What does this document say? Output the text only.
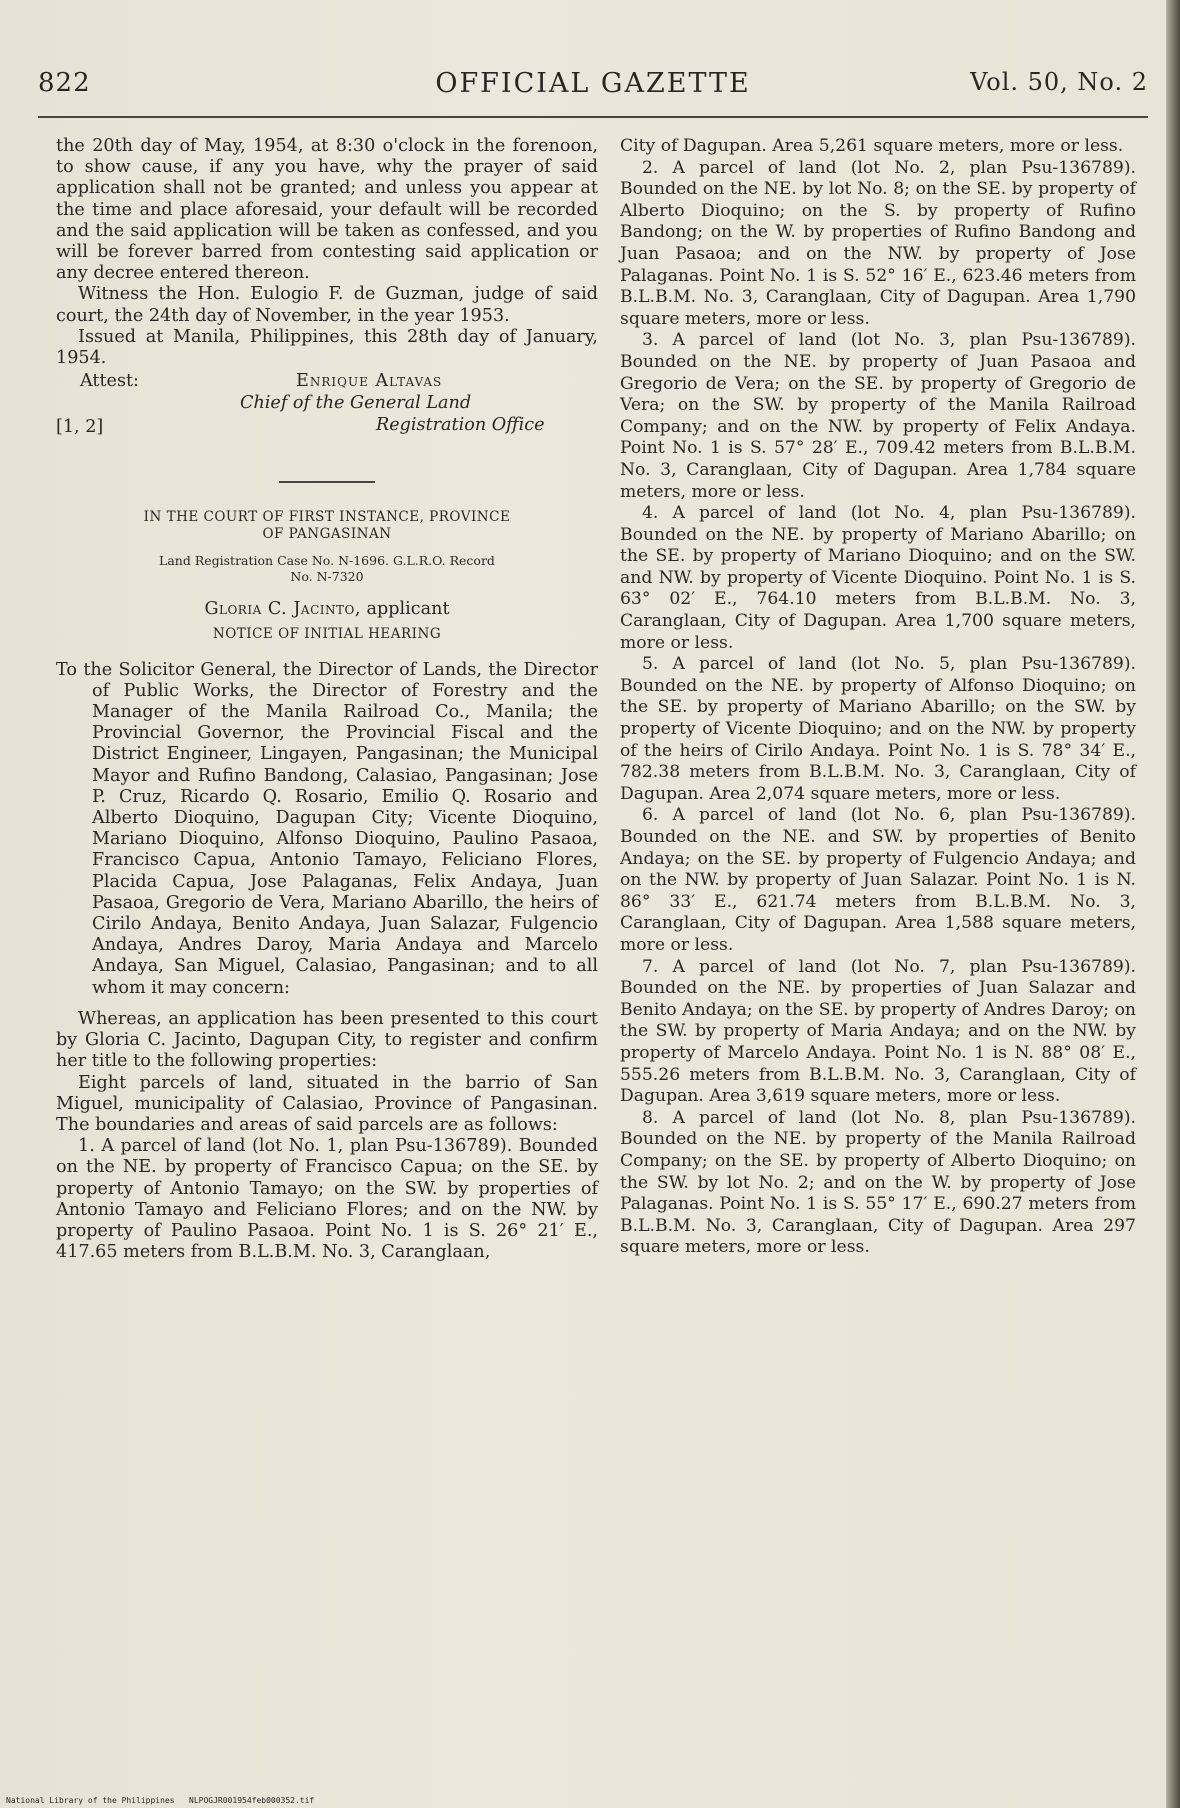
822	OFFICIAL GAZETTE	Vol. 50, No. 2

the 20th day of May, 1954, at 8:30 o'clock in the forenoon, to show cause, if any you have, why the prayer of said application shall not be granted; and unless you appear at the time and place aforesaid, your default will be recorded and the said application will be taken as confessed, and you will be forever barred from contesting said application or any decree entered thereon.

Witness the Hon. Eulogio F. de Guzman, judge of said court, the 24th day of November, in the year 1953.

Issued at Manila, Philippines, this 28th day of January, 1954.

Attest:	Enrique Altavas
Chief of the General Land
[1, 2]	Registration Office

IN THE COURT OF FIRST INSTANCE, PROVINCE

OF PANGASINAN

Land Registration Case No. N-1696. G.L.R.O. Record

No. N-7320

Gloria C. Jacinto, applicant

NOTICE OF INITIAL HEARING

To the Solicitor General, the Director of Lands, the Director of Public Works, the Director of Forestry and the Manager of the Manila Railroad Co., Manila; the Provincial Governor, the Provincial Fiscal and the District Engineer, Lingayen, Pangasinan; the Municipal Mayor and Rufino Bandong, Calasiao, Pangasinan; Jose P. Cruz, Ricardo Q. Rosario, Emilio Q. Rosario and Alberto Dioquino, Dagupan City; Vicente Dioquino, Mariano Dioquino, Alfonso Dioquino, Paulino Pasaoa, Francisco Capua, Antonio Tamayo, Feliciano Flores, Placida Capua, Jose Palaganas, Felix Andaya, Juan Pasaoa, Gregorio de Vera, Mariano Abarillo, the heirs of Cirilo Andaya, Benito Andaya, Juan Salazar, Fulgencio Andaya, Andres Daroy, Maria Andaya and Marcelo Andaya, San Miguel, Calasiao, Pangasinan; and to all whom it may concern:

Whereas, an application has been presented to this court by Gloria C. Jacinto, Dagupan City, to register and confirm her title to the following properties:

Eight parcels of land, situated in the barrio of San Miguel, municipality of Calasiao, Province of Pangasinan. The boundaries and areas of said parcels are as follows:

1. A parcel of land (lot No. 1, plan Psu-136789). Bounded on the NE. by property of Francisco Capua; on the SE. by property of Antonio Tamayo; on the SW. by properties of Antonio Tamayo and Feliciano Flores; and on the NW. by property of Paulino Pasaoa. Point No. 1 is S. 26° 21′ E., 417.65 meters from B.L.B.M. No. 3, Caranglaan,

City of Dagupan. Area 5,261 square meters, more or less.

2. A parcel of land (lot No. 2, plan Psu-136789). Bounded on the NE. by lot No. 8; on the SE. by property of Alberto Dioquino; on the S. by property of Rufino Bandong; on the W. by properties of Rufino Bandong and Juan Pasaoa; and on the NW. by property of Jose Palaganas. Point No. 1 is S. 52° 16′ E., 623.46 meters from B.L.B.M. No. 3, Caranglaan, City of Dagupan. Area 1,790 square meters, more or less.

3. A parcel of land (lot No. 3, plan Psu-136789). Bounded on the NE. by property of Juan Pasaoa and Gregorio de Vera; on the SE. by property of Gregorio de Vera; on the SW. by property of the Manila Railroad Company; and on the NW. by property of Felix Andaya. Point No. 1 is S. 57° 28′ E., 709.42 meters from B.L.B.M. No. 3, Caranglaan, City of Dagupan. Area 1,784 square meters, more or less.

4. A parcel of land (lot No. 4, plan Psu-136789). Bounded on the NE. by property of Mariano Abarillo; on the SE. by property of Mariano Dioquino; and on the SW. and NW. by property of Vicente Dioquino. Point No. 1 is S. 63° 02′ E., 764.10 meters from B.L.B.M. No. 3, Caranglaan, City of Dagupan. Area 1,700 square meters, more or less.

5. A parcel of land (lot No. 5, plan Psu-136789). Bounded on the NE. by property of Alfonso Dioquino; on the SE. by property of Mariano Abarillo; on the SW. by property of Vicente Dioquino; and on the NW. by property of the heirs of Cirilo Andaya. Point No. 1 is S. 78° 34′ E., 782.38 meters from B.L.B.M. No. 3, Caranglaan, City of Dagupan. Area 2,074 square meters, more or less.

6. A parcel of land (lot No. 6, plan Psu-136789). Bounded on the NE. and SW. by properties of Benito Andaya; on the SE. by property of Fulgencio Andaya; and on the NW. by property of Juan Salazar. Point No. 1 is N. 86° 33′ E., 621.74 meters from B.L.B.M. No. 3, Caranglaan, City of Dagupan. Area 1,588 square meters, more or less.

7. A parcel of land (lot No. 7, plan Psu-136789). Bounded on the NE. by properties of Juan Salazar and Benito Andaya; on the SE. by property of Andres Daroy; on the SW. by property of Maria Andaya; and on the NW. by property of Marcelo Andaya. Point No. 1 is N. 88° 08′ E., 555.26 meters from B.L.B.M. No. 3, Caranglaan, City of Dagupan. Area 3,619 square meters, more or less.

8. A parcel of land (lot No. 8, plan Psu-136789). Bounded on the NE. by property of the Manila Railroad Company; on the SE. by property of Alberto Dioquino; on the SW. by lot No. 2; and on the W. by property of Jose Palaganas. Point No. 1 is S. 55° 17′ E., 690.27 meters from B.L.B.M. No. 3, Caranglaan, City of Dagupan. Area 297 square meters, more or less.

National Library of the Philippines   NLPOGJR001954feb000352.tif
